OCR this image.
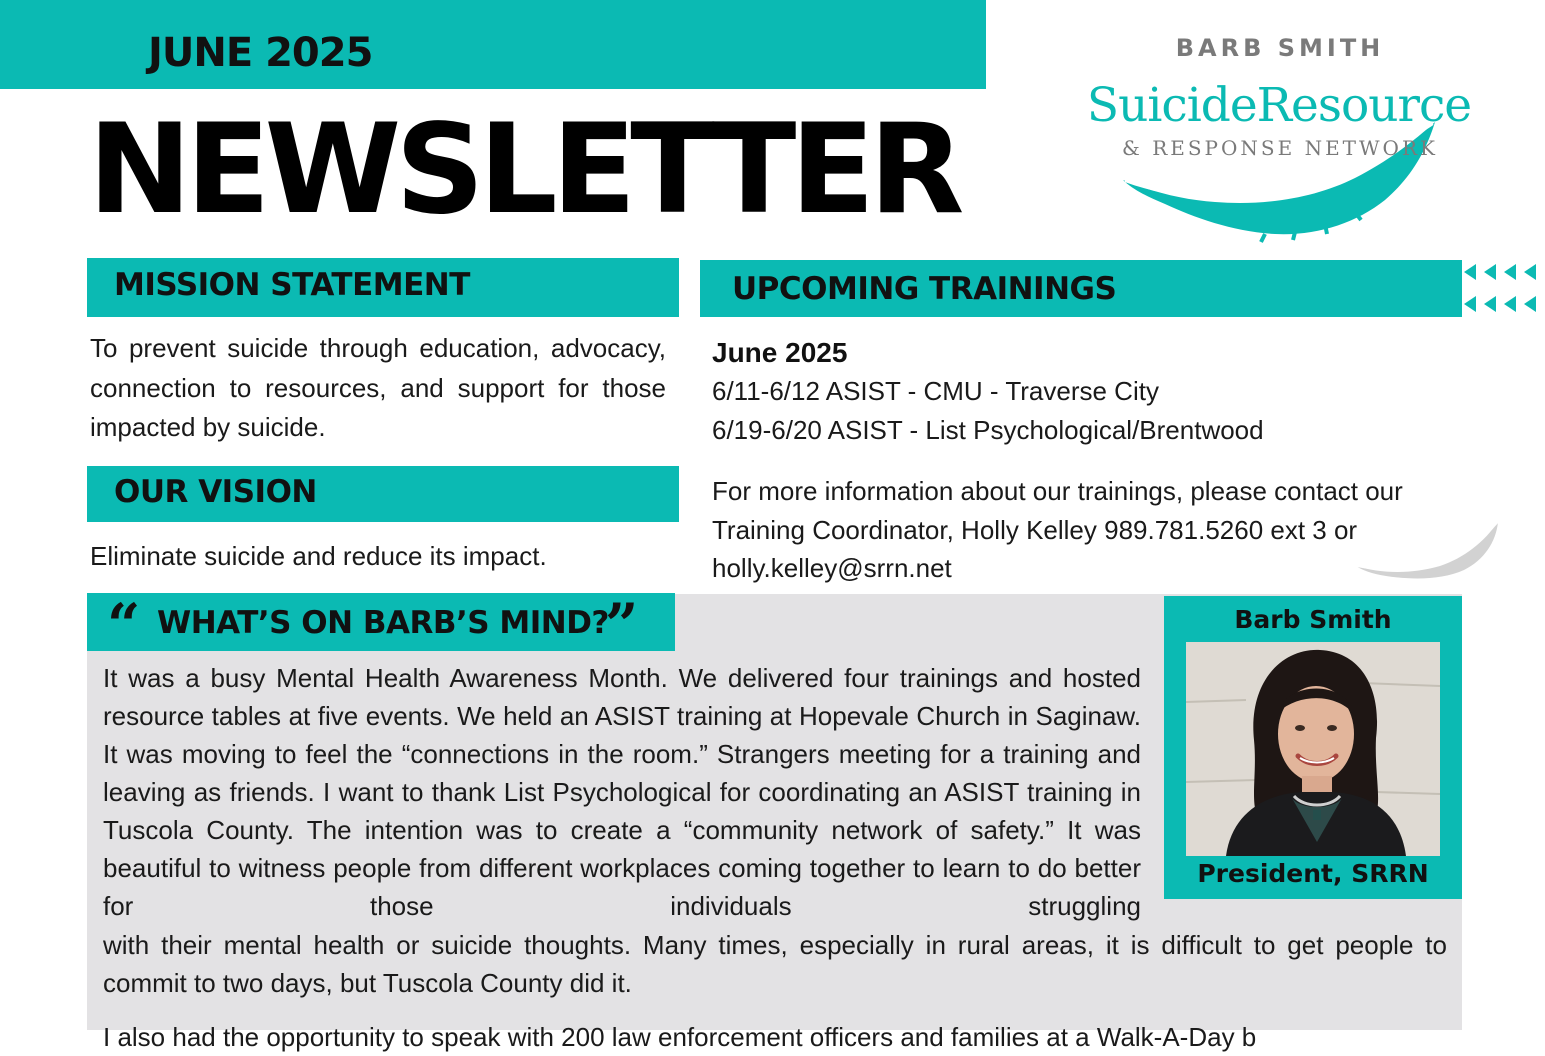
JUNE 2025
NEWSLETTER
BARB SMITH
SuicideResource
& RESPONSE NETWORK
MISSION STATEMENT
To prevent suicide through education, advocacy, connection to resources, and support for those impacted by suicide.
OUR VISION
Eliminate suicide and reduce its impact.
UPCOMING TRAININGS
June 2025
6/11-6/12 ASIST - CMU - Traverse City
6/19-6/20 ASIST - List Psychological/Brentwood
For more information about our trainings, please contact our Training Coordinator, Holly Kelley 989.781.5260 ext 3 or holly.kelley@srrn.net
“ WHAT’S ON BARB’S MIND?
”

It was a busy Mental Health Awareness Month. We delivered four trainings and hosted resource tables at five events. We held an ASIST training at Hopevale Church in Saginaw. It was moving to feel the “connections in the room.” Strangers meeting for a training and leaving as friends. I want to thank List Psychological for coordinating an ASIST training in Tuscola County. The intention was to create a “community network of safety.” It was beautiful to witness people from different workplaces coming together to learn to do better for those individuals struggling

with their mental health or suicide thoughts. Many times, especially in rural areas, it is difficult to get people to commit to two days, but Tuscola County did it.
I also had the opportunity to speak with 200 law enforcement officers and families at a Walk-A-Day b
Barb Smith
President, SRRN
